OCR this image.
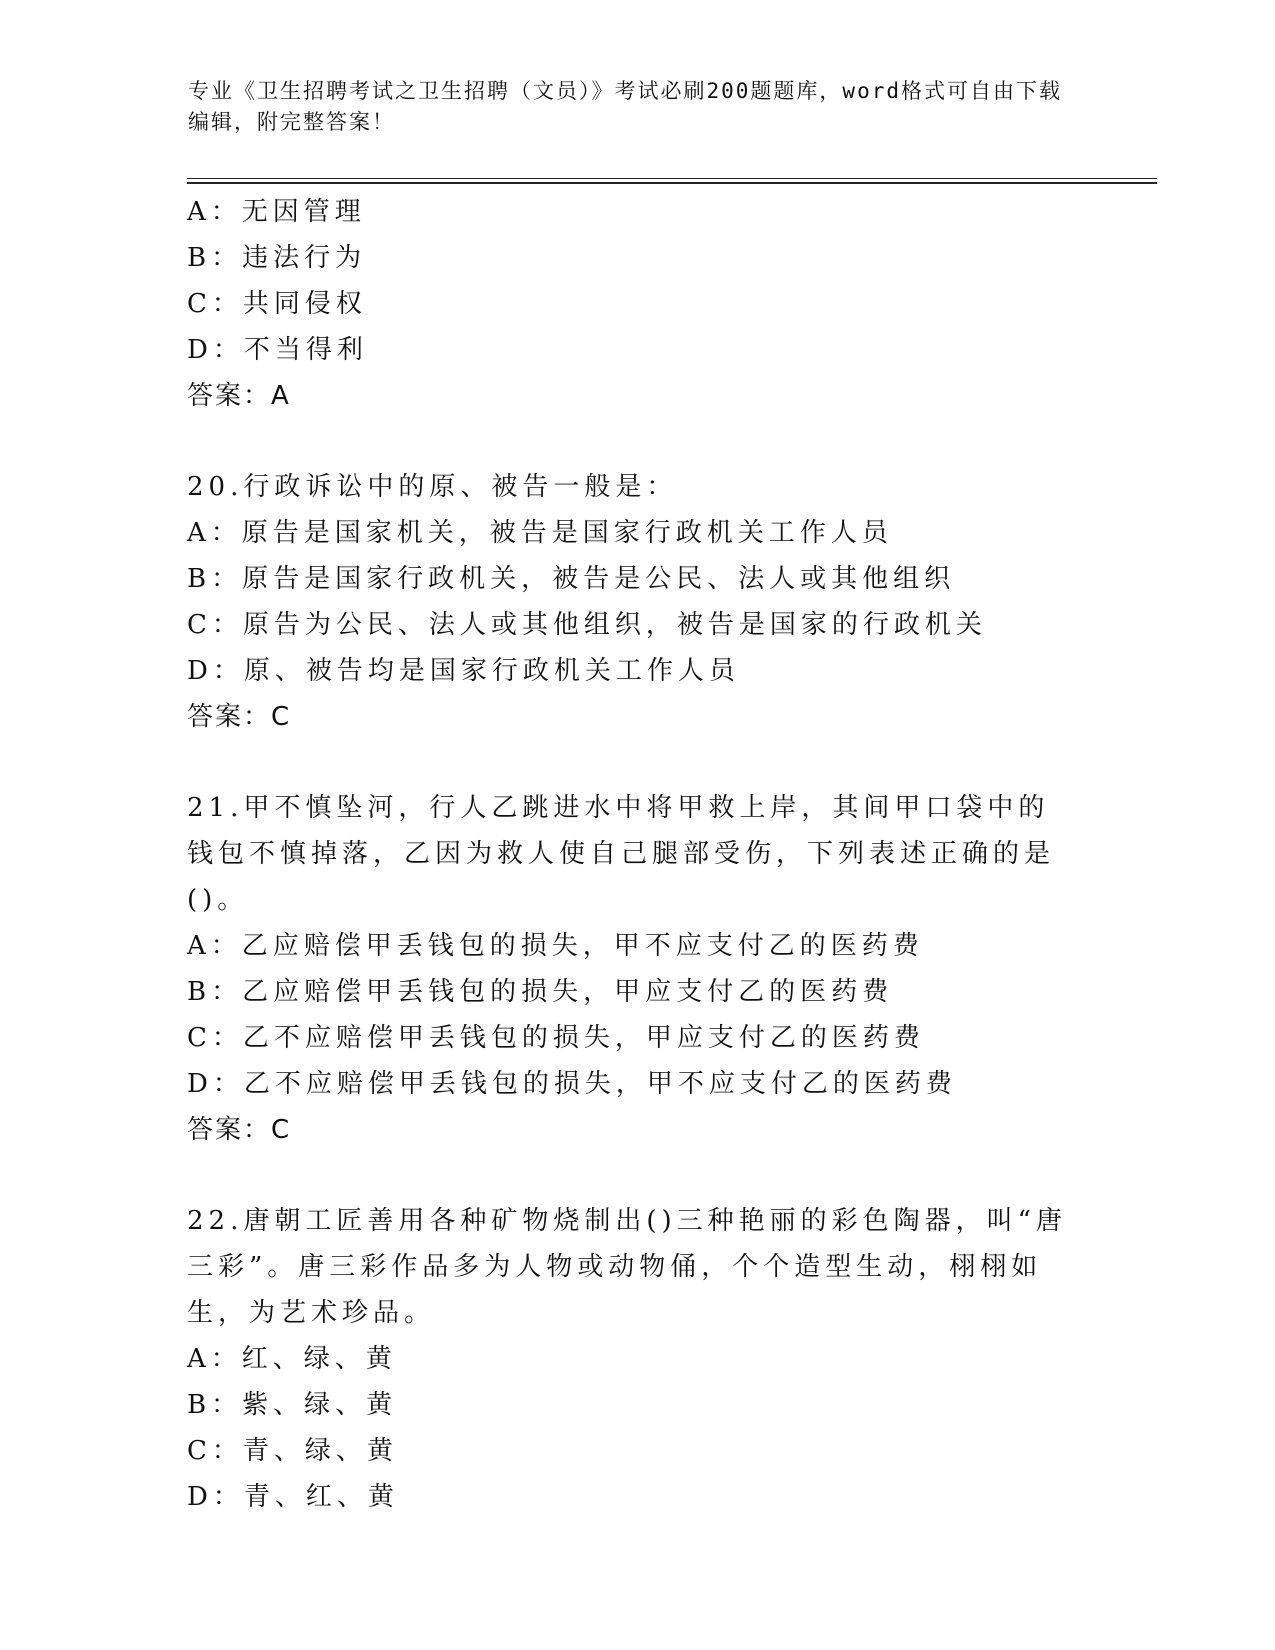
专业《卫生招聘考试之卫生招聘（文员）》考试必刷200题题库，word格式可自由下载编辑，附完整答案！
A：无因管理
B：违法行为
C：共同侵权
D：不当得利
答案：A
20.行政诉讼中的原、被告一般是：
A：原告是国家机关，被告是国家行政机关工作人员
B：原告是国家行政机关，被告是公民、法人或其他组织
C：原告为公民、法人或其他组织，被告是国家的行政机关
D：原、被告均是国家行政机关工作人员
答案：C
21.甲不慎坠河，行人乙跳进水中将甲救上岸，其间甲口袋中的钱包不慎掉落，乙因为救人使自己腿部受伤，下列表述正确的是()。
A：乙应赔偿甲丢钱包的损失，甲不应支付乙的医药费
B：乙应赔偿甲丢钱包的损失，甲应支付乙的医药费
C：乙不应赔偿甲丢钱包的损失，甲应支付乙的医药费
D：乙不应赔偿甲丢钱包的损失，甲不应支付乙的医药费
答案：C
22.唐朝工匠善用各种矿物烧制出()三种艳丽的彩色陶器，叫“唐三彩”。唐三彩作品多为人物或动物俑，个个造型生动，栩栩如生，为艺术珍品。
A：红、绿、黄
B：紫、绿、黄
C：青、绿、黄
D：青、红、黄
